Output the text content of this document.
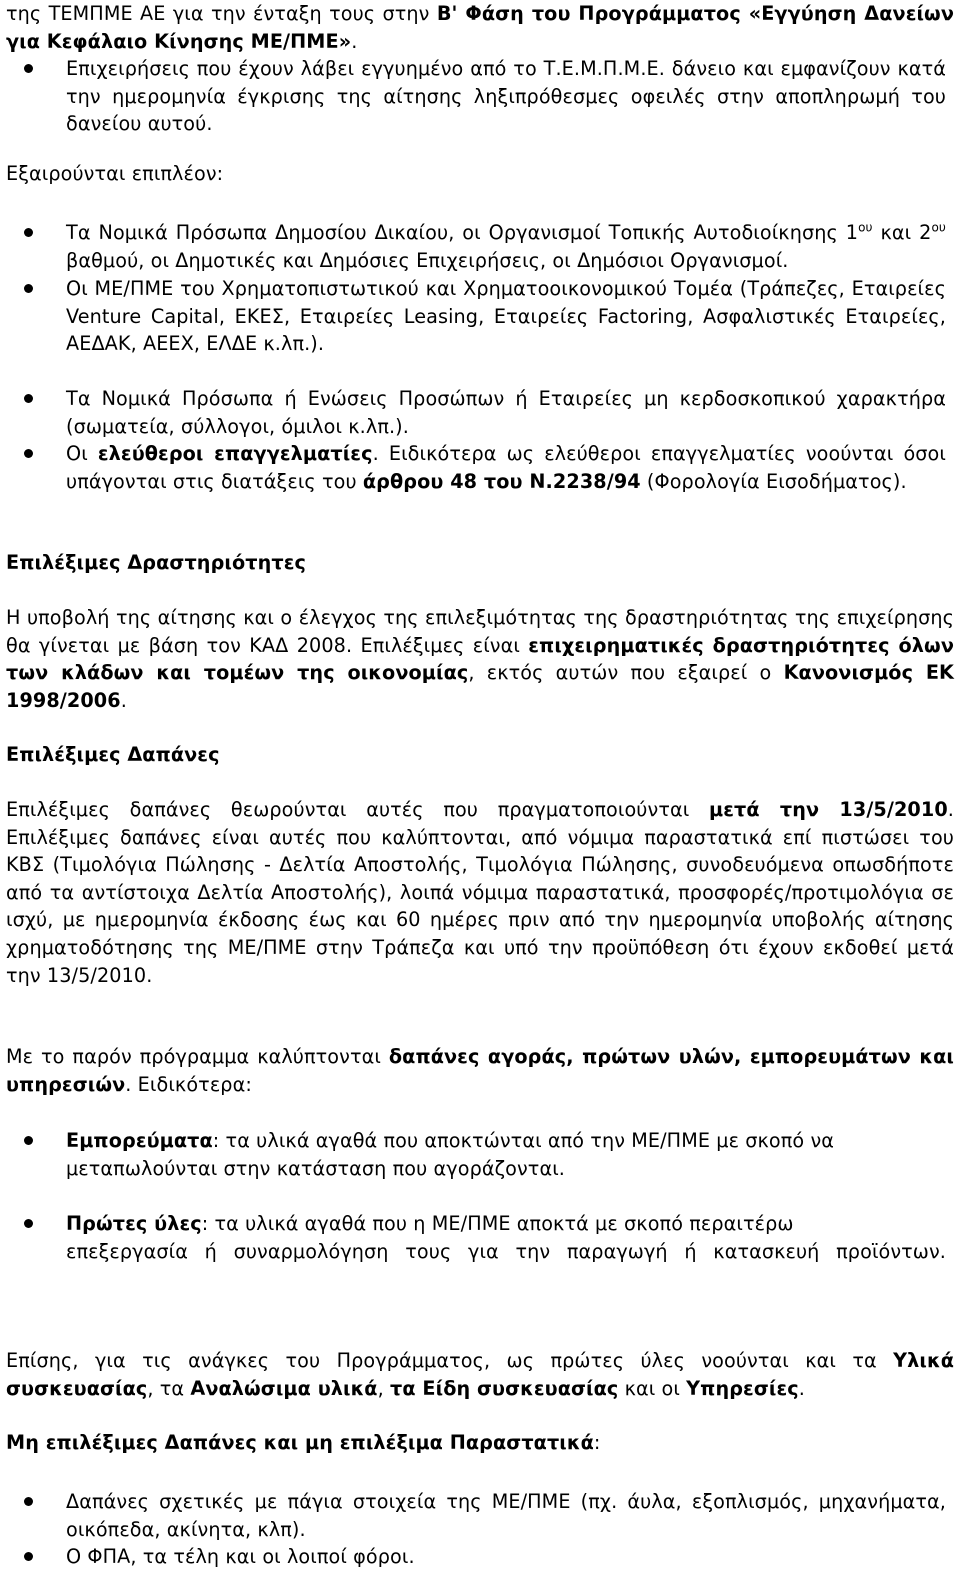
της ΤΕΜΠΜΕ ΑΕ για την ένταξη τους στην Β' Φάση του Προγράμματος «Εγγύηση Δανείων για Κεφάλαιο Κίνησης ΜΕ/ΠΜΕ».

Επιχειρήσεις που έχουν λάβει εγγυημένο από το Τ.Ε.Μ.Π.Μ.Ε. δάνειο και εμφανίζουν κατά την ημερομηνία έγκρισης της αίτησης ληξιπρόθεσμες οφειλές στην αποπληρωμή του δανείου αυτού.

Εξαιρούνται επιπλέον:

Τα Νομικά Πρόσωπα Δημοσίου Δικαίου, οι Οργανισμοί Τοπικής Αυτοδιοίκησης $1^{o\upsilon}$ και $2^{o\upsilon}$ βαθμού, οι Δημοτικές και Δημόσιες Επιχειρήσεις, οι Δημόσιοι Οργανισμοί.

Οι ΜΕ/ΠΜΕ του Χρηματοπιστωτικού και Χρηματοοικονομικού Τομέα (Τράπεζες, Εταιρείες Venture Capital, ΕΚΕΣ, Εταιρείες Leasing, Εταιρείες Factoring, Ασφαλιστικές Εταιρείες, ΑΕΔΑΚ, ΑΕΕΧ, ΕΛΔΕ κ.λπ.).

Τα Νομικά Πρόσωπα ή Ενώσεις Προσώπων ή Εταιρείες μη κερδοσκοπικού χαρακτήρα (σωματεία, σύλλογοι, όμιλοι κ.λπ.).

Οι ελεύθεροι επαγγελματίες. Ειδικότερα ως ελεύθεροι επαγγελματίες νοούνται όσοι υπάγονται στις διατάξεις του άρθρου 48 του Ν.2238/94 (Φορολογία Εισοδήματος).

Επιλέξιμες Δραστηριότητες

Η υποβολή της αίτησης και ο έλεγχος της επιλεξιμότητας της δραστηριότητας της επιχείρησης θα γίνεται με βάση τον ΚΑΔ 2008. Επιλέξιμες είναι επιχειρηματικές δραστηριότητες όλων των κλάδων και τομέων της οικονομίας, εκτός αυτών που εξαιρεί ο Κανονισμός ΕΚ 1998/2006.

Επιλέξιμες Δαπάνες

Επιλέξιμες δαπάνες θεωρούνται αυτές που πραγματοποιούνται μετά την 13/5/2010. Επιλέξιμες δαπάνες είναι αυτές που καλύπτονται, από νόμιμα παραστατικά επί πιστώσει του ΚΒΣ (Τιμολόγια Πώλησης - Δελτία Αποστολής, Τιμολόγια Πώλησης, συνοδευόμενα οπωσδήποτε από τα αντίστοιχα Δελτία Αποστολής), λοιπά νόμιμα παραστατικά, προσφορές/προτιμολόγια σε ισχύ, με ημερομηνία έκδοσης έως και 60 ημέρες πριν από την ημερομηνία υποβολής αίτησης χρηματοδότησης της ΜΕ/ΠΜΕ στην Τράπεζα και υπό την προϋπόθεση ότι έχουν εκδοθεί μετά την 13/5/2010.

Με το παρόν πρόγραμμα καλύπτονται δαπάνες αγοράς, πρώτων υλών, εμπορευμάτων και υπηρεσιών. Ειδικότερα:

Εμπορεύματα: τα υλικά αγαθά που αποκτώνται από την ΜΕ/ΠΜΕ με σκοπό να
μεταπωλούνται στην κατάσταση που αγοράζονται.
Πρώτες ύλες: τα υλικά αγαθά που η ΜΕ/ΠΜΕ αποκτά με σκοπό περαιτέρω
επεξεργασία ή συναρμολόγηση τους για την παραγωγή ή κατασκευή προϊόντων.

Επίσης, για τις ανάγκες του Προγράμματος, ως πρώτες ύλες νοούνται και τα Υλικά συσκευασίας, τα Αναλώσιμα υλικά, τα Είδη συσκευασίας και οι Υπηρεσίες.

Μη επιλέξιμες Δαπάνες και μη επιλέξιμα Παραστατικά:

Δαπάνες σχετικές με πάγια στοιχεία της ΜΕ/ΠΜΕ (πχ. άυλα, εξοπλισμός, μηχανήματα, οικόπεδα, ακίνητα, κλπ).

Ο ΦΠΑ, τα τέλη και οι λοιποί φόροι.
